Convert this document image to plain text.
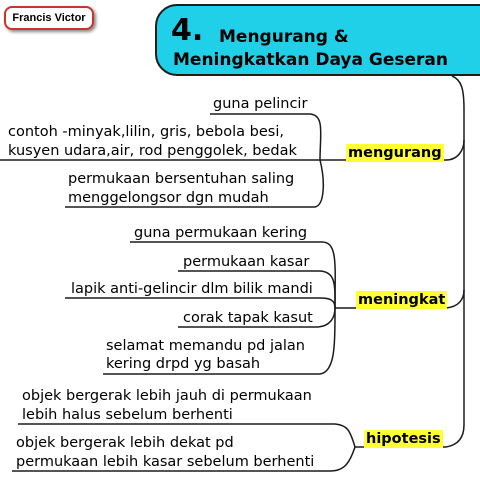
Francis Victor	4. Mengurang &
Meningkatkan Daya Geseran
mengurang
guna pelincir
contoh -minyak,lilin, gris, bebola besi,
kusyen udara,air, rod penggolek, bedak
permukaan bersentuhan saling
menggelongsor dgn mudah
meningkat
guna permukaan kering
permukaan kasar
lapik anti-gelincir dlm bilik mandi
corak tapak kasut
selamat memandu pd jalan
kering drpd yg basah
hipotesis
objek bergerak lebih jauh di permukaan
lebih halus sebelum berhenti
objek bergerak lebih dekat pd
permukaan lebih kasar sebelum berhenti
